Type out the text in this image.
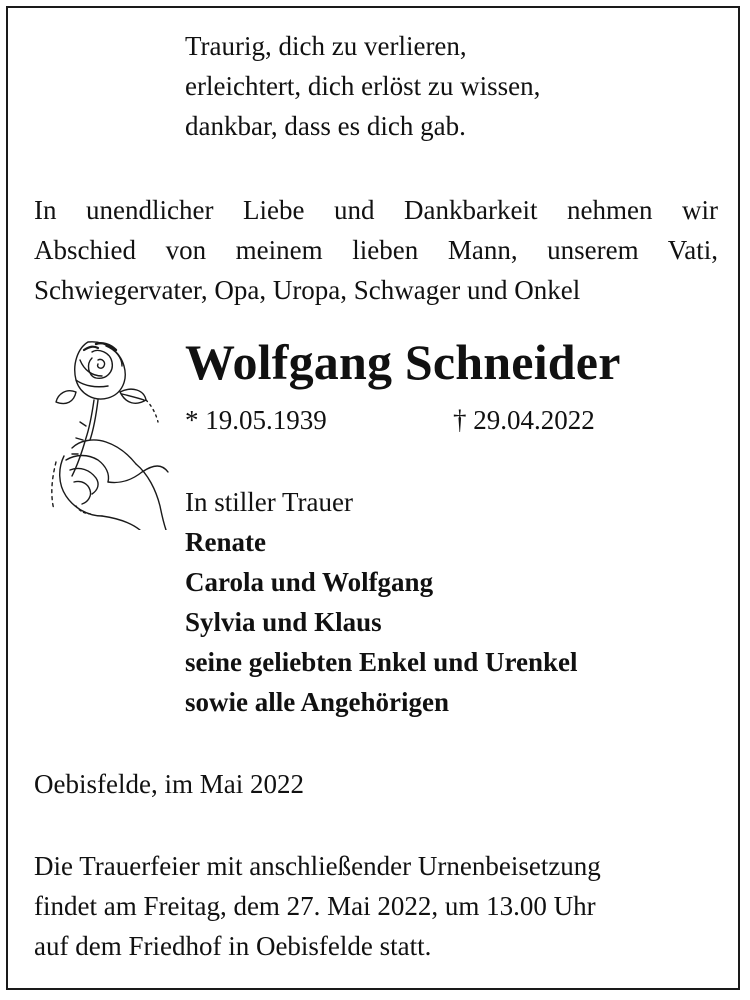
Traurig, dich zu verlieren,
erleichtert, dich erlöst zu wissen,
dankbar, dass es dich gab.
In unendlicher Liebe und Dankbarkeit nehmen wir
Abschied von meinem lieben Mann, unserem Vati,
Schwiegervater, Opa, Uropa, Schwager und Onkel
Wolfgang Schneider
* 19.05.1939	† 29.04.2022
In stiller Trauer
Renate
Carola und Wolfgang
Sylvia und Klaus
seine geliebten Enkel und Urenkel
sowie alle Angehörigen
Oebisfelde, im Mai 2022
Die Trauerfeier mit anschließender Urnenbeisetzung
findet am Freitag, dem 27. Mai 2022, um 13.00 Uhr
auf dem Friedhof in Oebisfelde statt.
